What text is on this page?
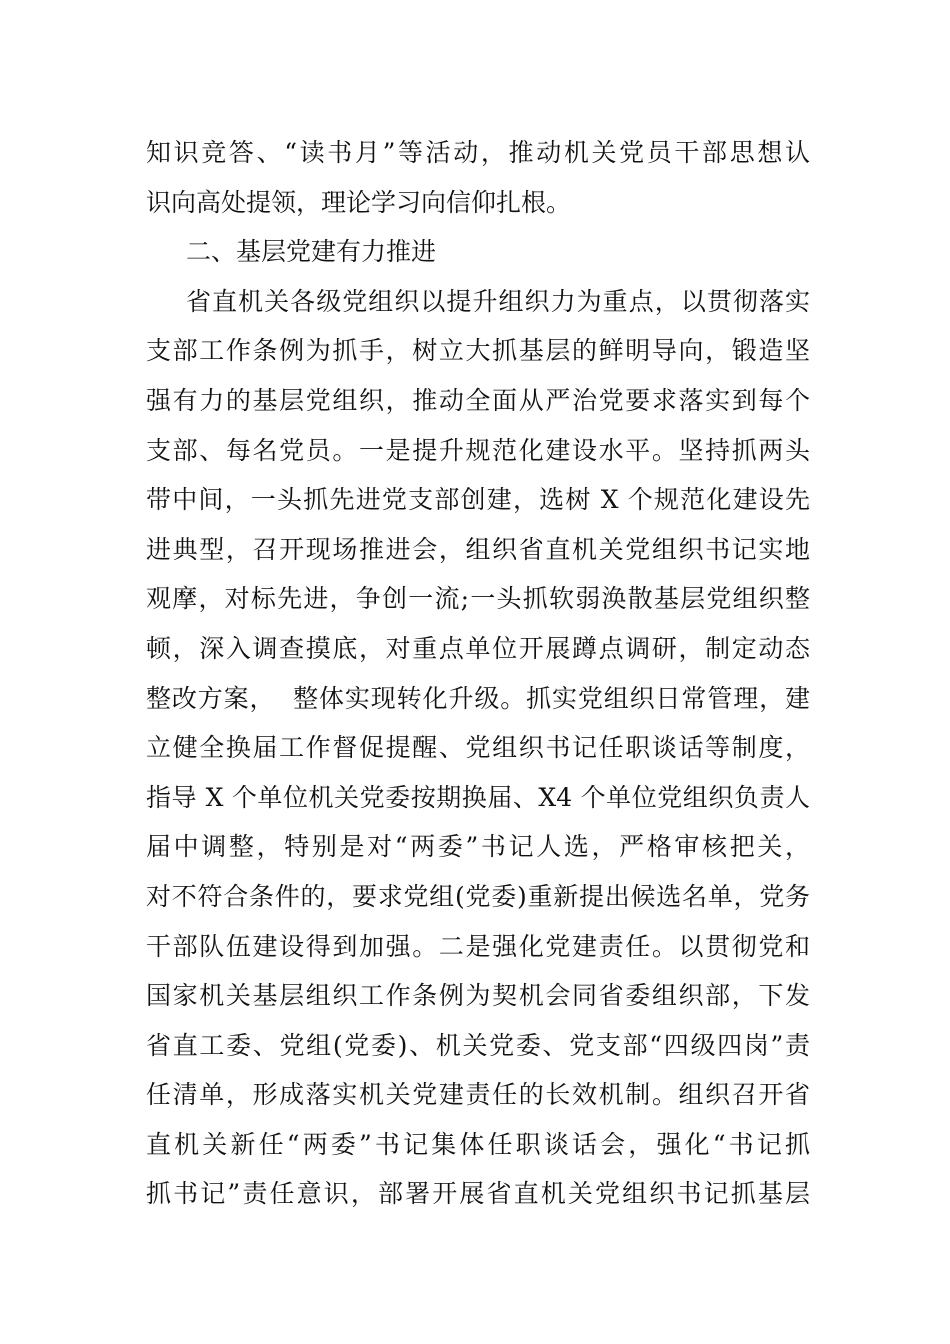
知识竞答、“读书月”等活动，推动机关党员干部思想认
识向高处提领，理论学习向信仰扎根。
二、基层党建有力推进
省直机关各级党组织以提升组织力为重点，以贯彻落实
支部工作条例为抓手，树立大抓基层的鲜明导向，锻造坚
强有力的基层党组织，推动全面从严治党要求落实到每个
支部、每名党员。一是提升规范化建设水平。坚持抓两头
带中间，一头抓先进党支部创建，选树 X 个规范化建设先
进典型，召开现场推进会，组织省直机关党组织书记实地
观摩，对标先进，争创一流;一头抓软弱涣散基层党组织整
顿，深入调查摸底，对重点单位开展蹲点调研，制定动态
整改方案，  整体实现转化升级。抓实党组织日常管理，建
立健全换届工作督促提醒、党组织书记任职谈话等制度，
指导 X 个单位机关党委按期换届、X4 个单位党组织负责人
届中调整，特别是对“两委”书记人选，严格审核把关，
对不符合条件的，要求党组(党委)重新提出候选名单，党务
干部队伍建设得到加强。二是强化党建责任。以贯彻党和
国家机关基层组织工作条例为契机会同省委组织部，下发
省直工委、党组(党委)、机关党委、党支部“四级四岗”责
任清单，形成落实机关党建责任的长效机制。组织召开省
直机关新任“两委”书记集体任职谈话会，强化“书记抓
抓书记”责任意识，部署开展省直机关党组织书记抓基层
